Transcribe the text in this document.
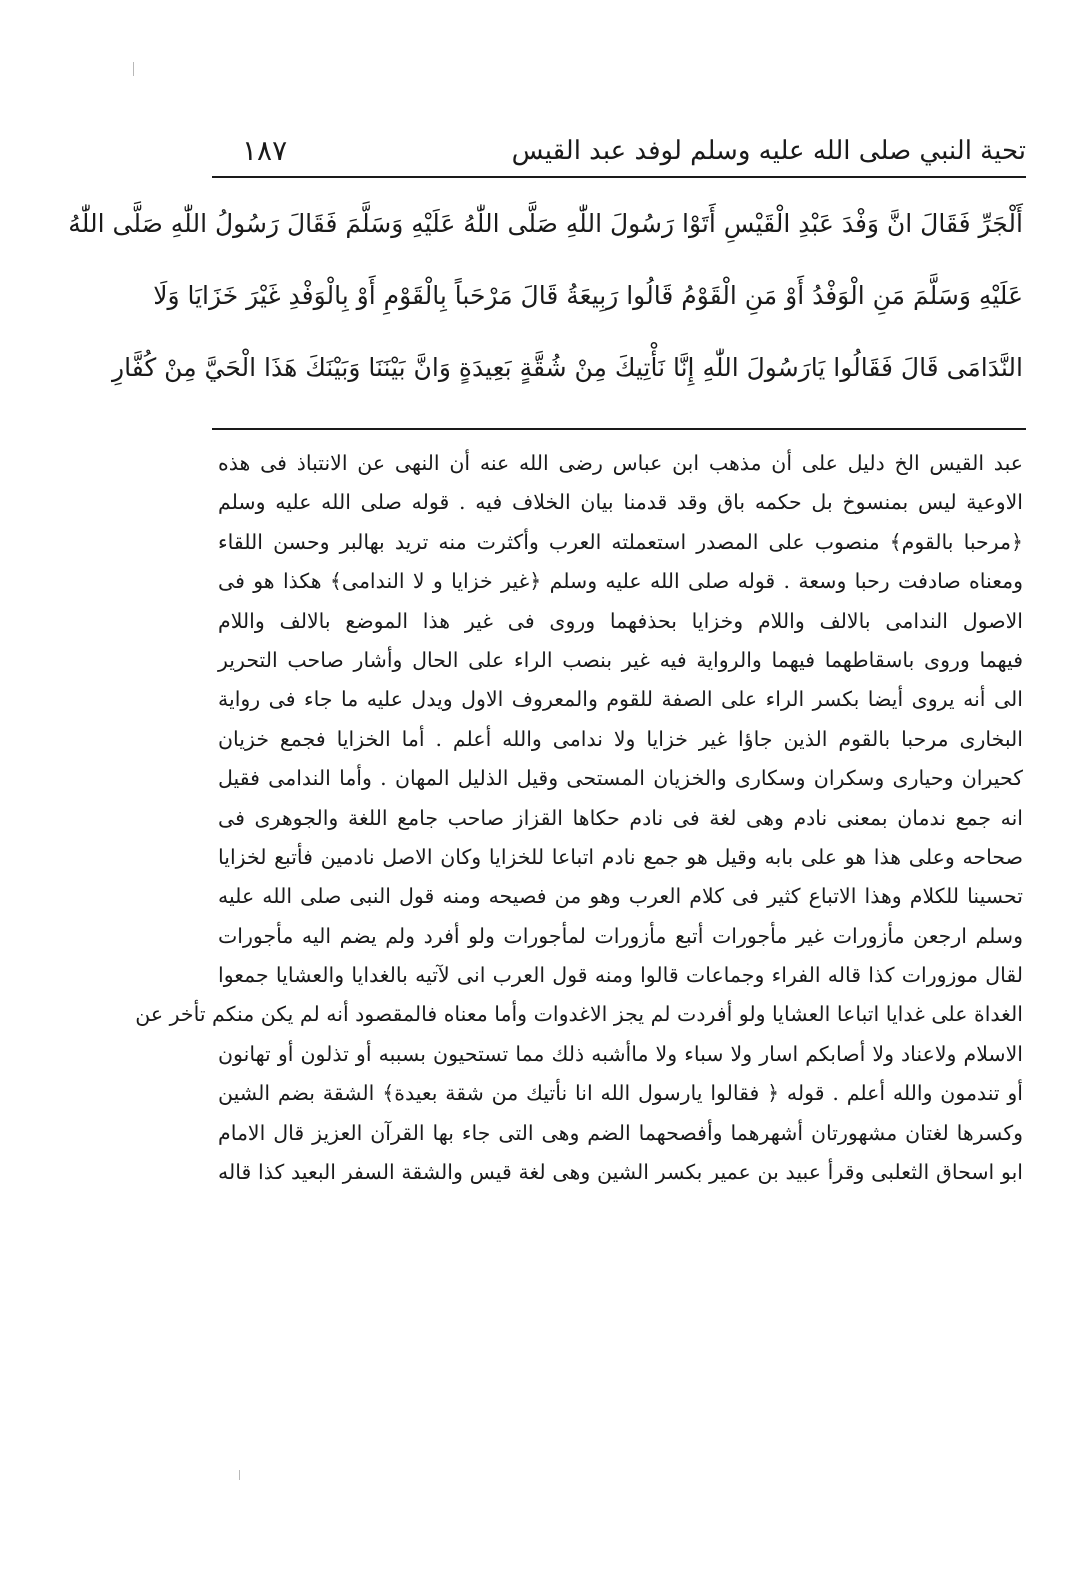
تحية النبي صلى الله عليه وسلم لوفد عبد القيس
١٨٧
أَلْجَرِّ فَقَالَ انَّ وَفْدَ عَبْدِ الْقَيْسِ أَتَوْا رَسُولَ اللّٰهِ صَلَّى اللّٰهُ عَلَيْهِ وَسَلَّمَ فَقَالَ رَسُولُ اللّٰهِ صَلَّى اللّٰهُ
عَلَيْهِ وَسَلَّمَ مَنِ الْوَفْدُ أَوْ مَنِ الْقَوْمُ قَالُوا رَبِيعَةُ قَالَ مَرْحَباً بِالْقَوْمِ أَوْ بِالْوَفْدِ غَيْرَ خَزَايَا وَلَا
النَّدَامَى قَالَ فَقَالُوا يَارَسُولَ اللّٰهِ إِنَّا نَأْتِيكَ مِنْ شُقَّةٍ بَعِيدَةٍ وَانَّ بَيْنَنَا وَبَيْنَكَ هَذَا الْحَيَّ مِنْ كُفَّارِ
عبد القيس الخ دليل على أن مذهب ابن عباس رضى الله عنه أن النهى عن الانتباذ فى هذه
الاوعية ليس بمنسوخ بل حكمه باق وقد قدمنا بيان الخلاف فيه . قوله صلى الله عليه وسلم
﴿مرحبا بالقوم﴾ منصوب على المصدر استعملته العرب وأكثرت منه تريد بهالبر وحسن اللقاء
ومعناه صادفت رحبا وسعة . قوله صلى الله عليه وسلم ﴿غير خزايا و لا الندامى﴾ هكذا هو فى
الاصول الندامى بالالف واللام وخزايا بحذفهما وروى فى غير هذا الموضع بالالف واللام
فيهما وروى باسقاطهما فيهما والرواية فيه غير بنصب الراء على الحال وأشار صاحب التحرير
الى أنه يروى أيضا بكسر الراء على الصفة للقوم والمعروف الاول ويدل عليه ما جاء فى رواية
البخارى مرحبا بالقوم الذين جاؤا غير خزايا ولا ندامى والله أعلم . أما الخزايا فجمع خزيان
كحيران وحيارى وسكران وسكارى والخزيان المستحى وقيل الذليل المهان . وأما الندامى فقيل
انه جمع ندمان بمعنى نادم وهى لغة فى نادم حكاها القزاز صاحب جامع اللغة والجوهرى فى
صحاحه وعلى هذا هو على بابه وقيل هو جمع نادم اتباعا للخزايا وكان الاصل نادمين فأتبع لخزايا
تحسينا للكلام وهذا الاتباع كثير فى كلام العرب وهو من فصيحه ومنه قول النبى صلى الله عليه
وسلم ارجعن مأزورات غير مأجورات أتبع مأزورات لمأجورات ولو أفرد ولم يضم اليه مأجورات
لقال موزورات كذا قاله الفراء وجماعات قالوا ومنه قول العرب انى لآتيه بالغدايا والعشايا جمعوا
الغداة على غدايا اتباعا العشايا ولو أفردت لم يجز الاغدوات وأما معناه فالمقصود أنه لم يكن منكم تأخر عن
الاسلام ولاعناد ولا أصابكم اسار ولا سباء ولا ماأشبه ذلك مما تستحيون بسببه أو تذلون أو تهانون
أو تندمون والله أعلم . قوله ﴿ فقالوا يارسول الله انا نأتيك من شقة بعيدة﴾ الشقة بضم الشين
وكسرها لغتان مشهورتان أشهرهما وأفصحهما الضم وهى التى جاء بها القرآن العزيز قال الامام
ابو اسحاق الثعلبى وقرأ عبيد بن عمير بكسر الشين وهى لغة قيس والشقة السفر البعيد كذا قاله
